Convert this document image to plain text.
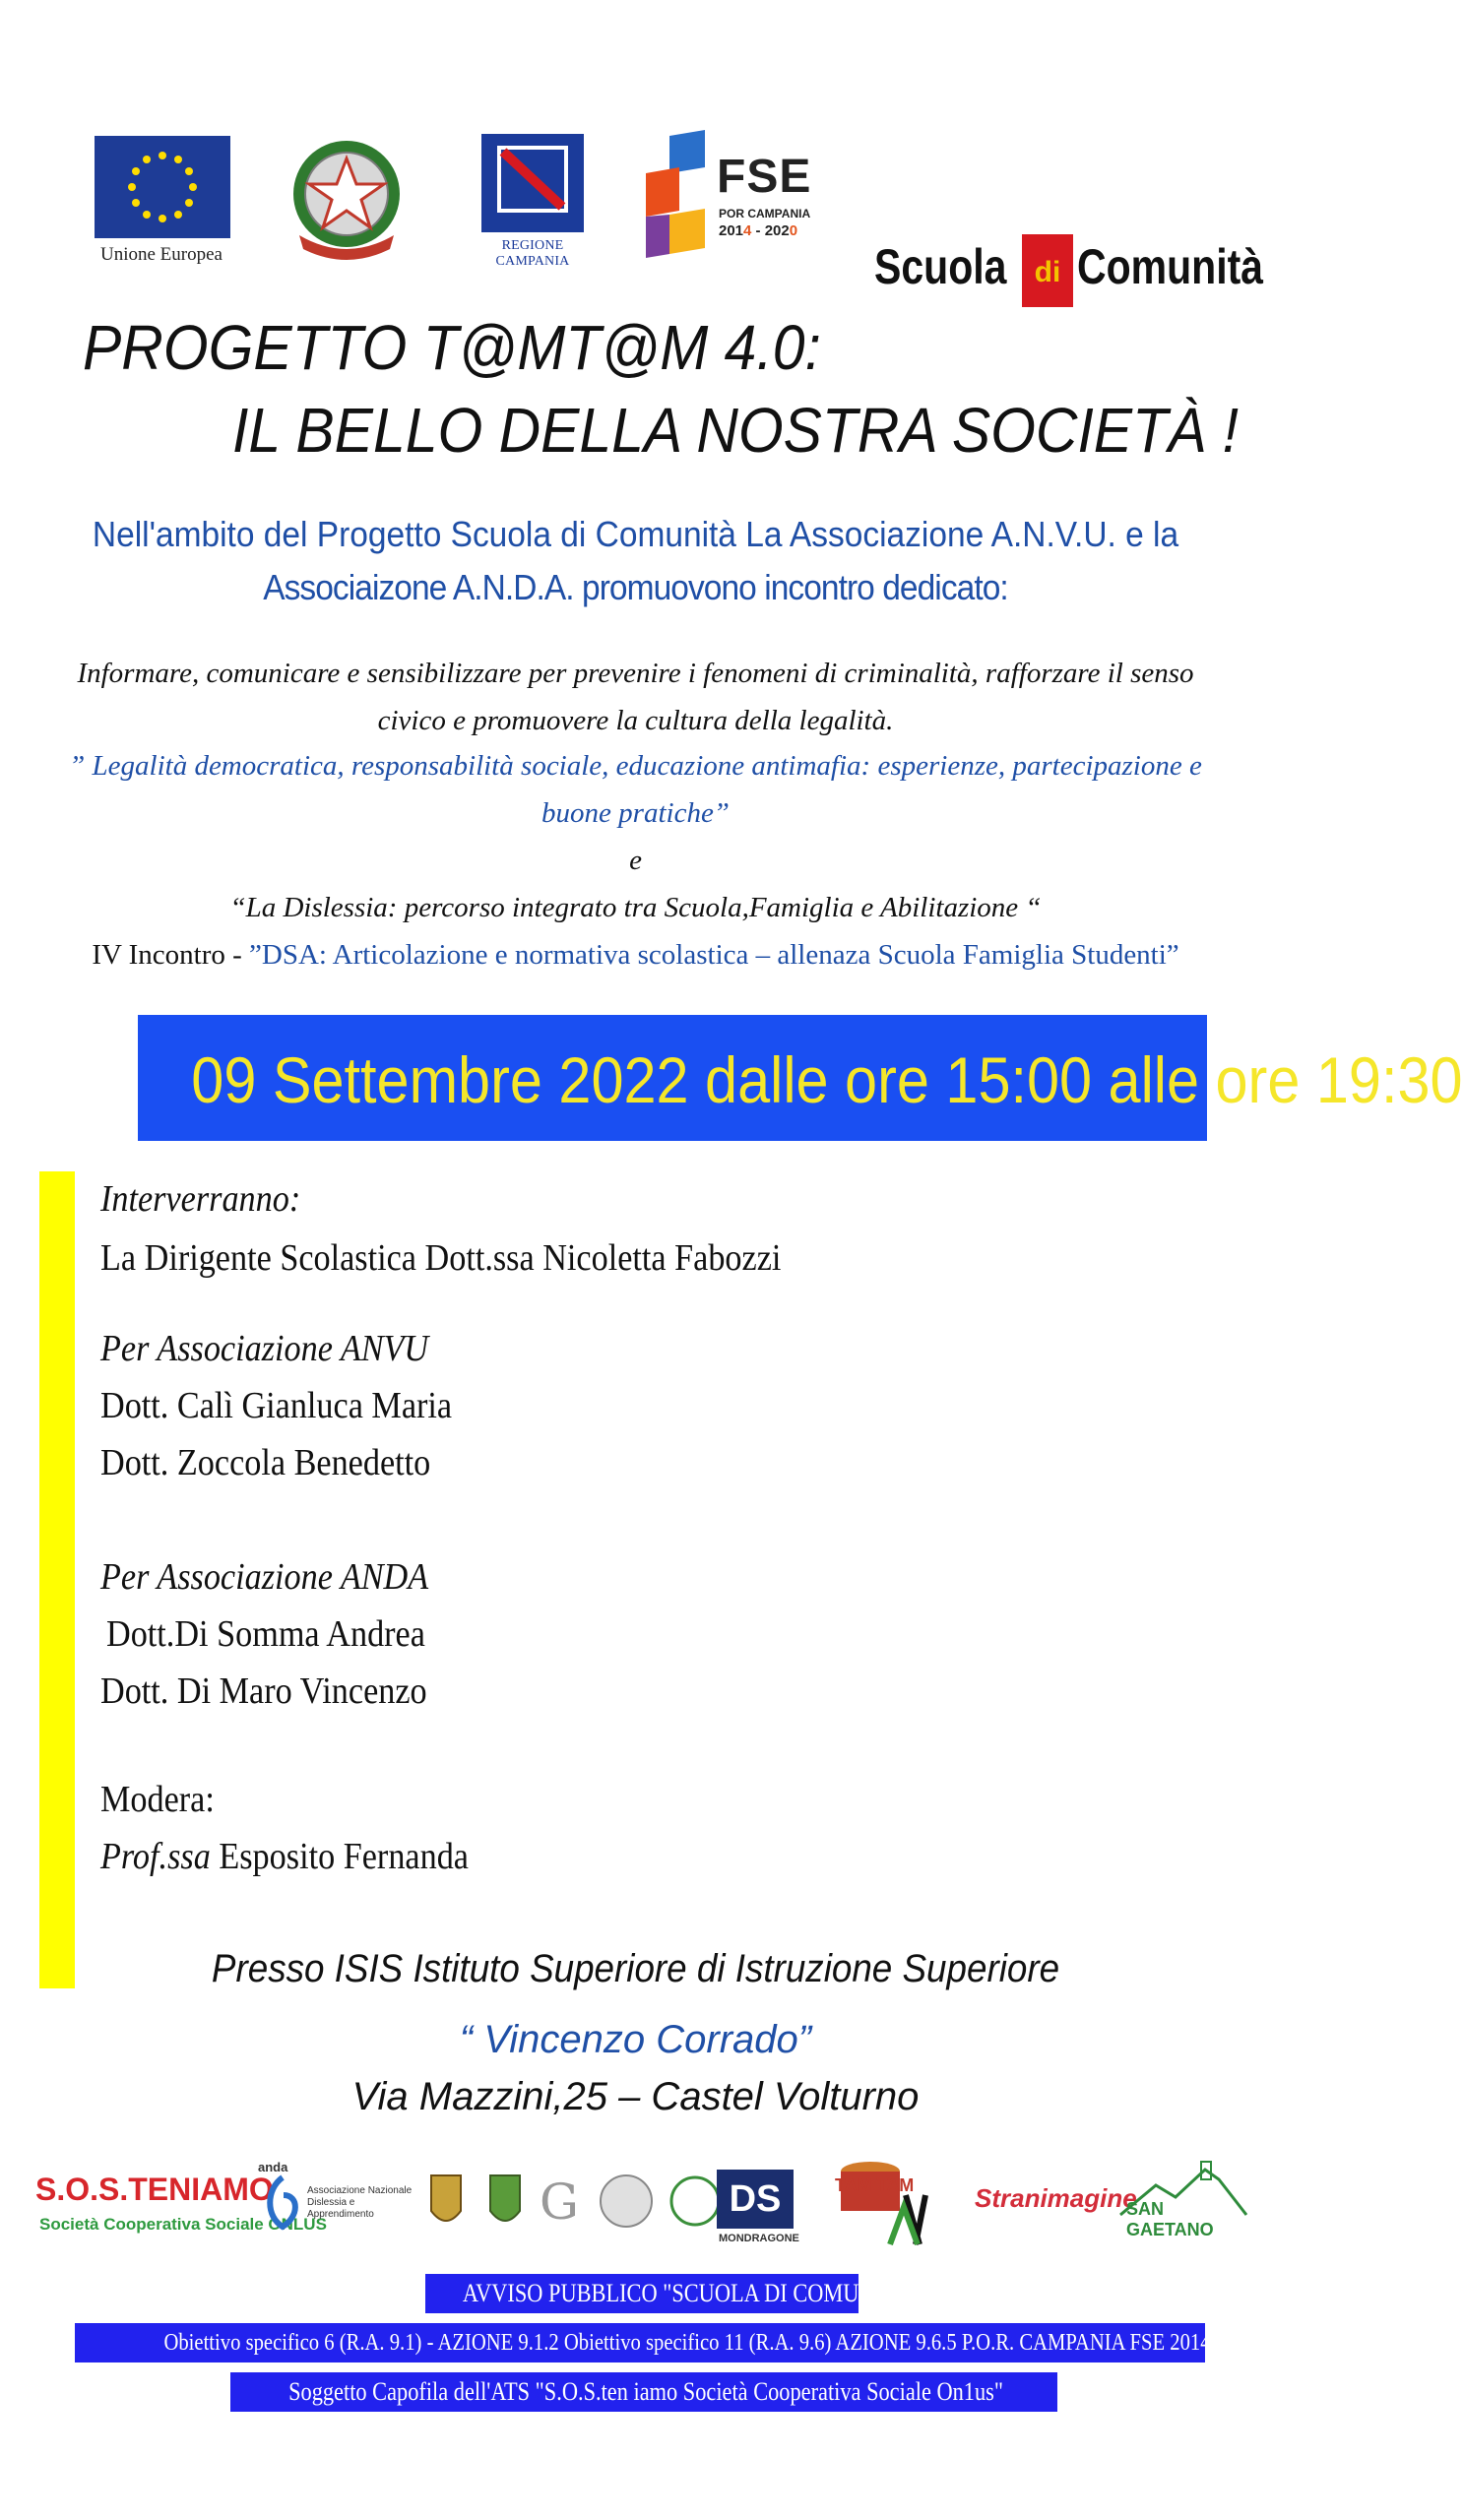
Unione Europea	REGIONE CAMPANIA
FSE
POR CAMPANIA
2014 - 2020
Scuola di Comunità
PROGETTO T@MT@M 4.0:
IL BELLO DELLA NOSTRA SOCIETÀ !
Nell'ambito del Progetto Scuola di Comunità La Associazione A.N.V.U. e la
Associaizone A.N.D.A. promuovono incontro dedicato:
Informare, comunicare e sensibilizzare per prevenire i fenomeni di criminalità, rafforzare il senso
civico e promuovere la cultura della legalità.
” Legalità democratica, responsabilità sociale, educazione antimafia: esperienze, partecipazione e
buone pratiche”
e
“La Dislessia: percorso integrato tra Scuola,Famiglia e Abilitazione “
IV Incontro - ”DSA: Articolazione e normativa scolastica – allenaza Scuola Famiglia Studenti”
09 Settembre 2022 dalle ore 15:00 alle ore 19:30
Interverranno:
La Dirigente Scolastica Dott.ssa Nicoletta Fabozzi
Per Associazione ANVU
Dott. Calì Gianluca Maria
Dott. Zoccola Benedetto
Per Associazione ANDA
Dott.Di Somma Andrea
Dott. Di Maro Vincenzo
Modera:
Prof.ssa Esposito Fernanda
Presso ISIS Istituto Superiore di Istruzione Superiore
“ Vincenzo Corrado”
Via Mazzini,25 – Castel Volturno
S.O.S.TENIAMO
Società Cooperativa Sociale ONLUS
anda
Associazione Nazionale Dislessia e Apprendimento	G	DS
MONDRAGONE
TAM TAM Stranimagine
SAN GAETANO
AVVISO PUBBLICO "SCUOLA DI COMUNITÀ"
Obiettivo specifico 6 (R.A. 9.1) - AZIONE 9.1.2 Obiettivo specifico 11 (R.A. 9.6) AZIONE 9.6.5 P.O.R. CAMPANIA FSE 2014-2020
Soggetto Capofila dell'ATS "S.O.S.ten iamo Società Cooperativa Sociale On1us"
